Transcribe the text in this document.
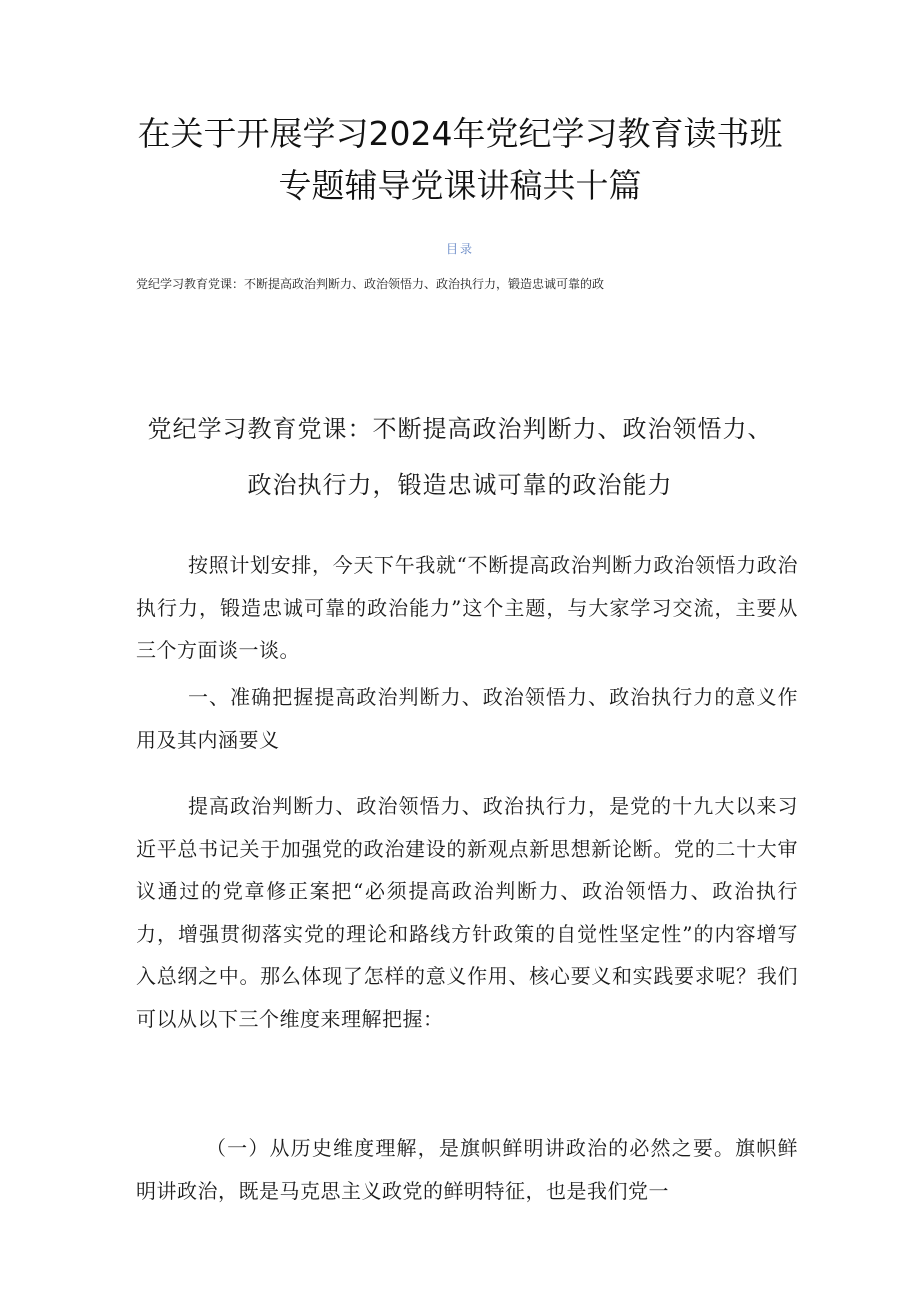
在关于开展学习2024年党纪学习教育读书班专题辅导党课讲稿共十篇
目录
党纪学习教育党课：不断提高政治判断力、政治领悟力、政治执行力，锻造忠诚可靠的政
党纪学习教育党课：不断提高政治判断力、政治领悟力、政治执行力，锻造忠诚可靠的政治能力
按照计划安排，今天下午我就“不断提高政治判断力政治领悟力政治执行力，锻造忠诚可靠的政治能力”这个主题，与大家学习交流，主要从三个方面谈一谈。
一、准确把握提高政治判断力、政治领悟力、政治执行力的意义作用及其内涵要义
提高政治判断力、政治领悟力、政治执行力，是党的十九大以来习近平总书记关于加强党的政治建设的新观点新思想新论断。党的二十大审议通过的党章修正案把“必须提高政治判断力、政治领悟力、政治执行力，增强贯彻落实党的理论和路线方针政策的自觉性坚定性”的内容增写入总纲之中。那么体现了怎样的意义作用、核心要义和实践要求呢？我们可以从以下三个维度来理解把握：
（一）从历史维度理解，是旗帜鲜明讲政治的必然之要。旗帜鲜明讲政治，既是马克思主义政党的鲜明特征，也是我们党一
